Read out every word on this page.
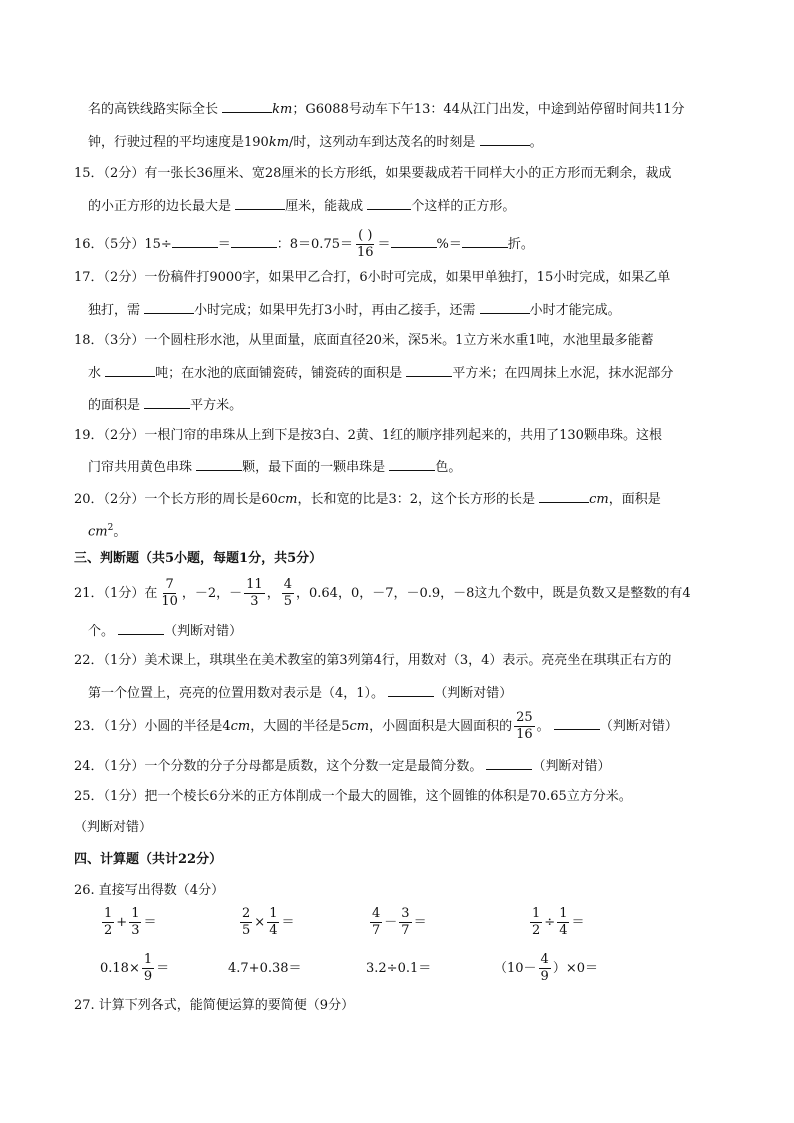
名的高铁线路实际全长	km；G6088号动车下午13：44从江门出发，中途到站停留时间共11分
钟，行驶过程的平均速度是190km/时，这列动车到达茂名的时刻是	。
15．（2分）有一张长36厘米、宽28厘米的长方形纸，如果要裁成若干同样大小的正方形而无剩余，裁成
的小正方形的边长最大是	厘米，能裁成	个这样的正方形。
16．（5分）15÷	＝	：$8=0.75= \frac{( )}{16}$ ＝	%＝	折。
17．（2分）一份稿件打9000字，如果甲乙合打，6小时可完成，如果甲单独打，15小时完成，如果乙单
独打，需	小时完成；如果甲先打3小时，再由乙接手，还需	小时才能完成。
18．（3分）一个圆柱形水池，从里面量，底面直径20米，深5米。1立方米水重1吨，水池里最多能蓄
水	吨；在水池的底面铺瓷砖，铺瓷砖的面积是	平方米；在四周抹上水泥，抹水泥部分
的面积是	平方米。
19．（2分）一根门帘的串珠从上到下是按3白、2黄、1红的顺序排列起来的，共用了130颗串珠。这根
门帘共用黄色串珠	颗，最下面的一颗串珠是	色。
20．（2分）一个长方形的周长是60cm，长和宽的比是3：2，这个长方形的长是	cm，面积是
$cm^2$。
三、判断题（共5小题，每题1分，共5分）
21．（1分）在 $\frac{7}{10}$ ，－2，－ $\frac{11}{3}$ ， $\frac{4}{5}$ ，0.64，0，－7，－0.9，－8这九个数中，既是负数又是整数的有4
个。	（判断对错）
22．（1分）美术课上，琪琪坐在美术教室的第3列第4行，用数对（3，4）表示。亮亮坐在琪琪正右方的
第一个位置上，亮亮的位置用数对表示是（4，1）。	（判断对错）
23．（1分）小圆的半径是4cm，大圆的半径是5cm，小圆面积是大圆面积的 $\frac{25}{16}$ 。	（判断对错）
24．（1分）一个分数的分子分母都是质数，这个分数一定是最简分数。	（判断对错）
25．（1分）把一个棱长6分米的正方体削成一个最大的圆锥，这个圆锥的体积是70.65立方分米。
（判断对错）
四、计算题（共计22分）
26. 直接写出得数（4分）
$\frac{1}{2} + \frac{1}{3}$ ＝	$\frac{2}{5} \times \frac{1}{4}$ ＝	$\frac{4}{7} - \frac{3}{7}$ ＝	$\frac{1}{2} \div \frac{1}{4}$ ＝
$0.18\times \frac{1}{9}$ ＝	4.7+0.38＝	3.2÷0.1＝	$(10- \frac{4}{9} )\times 0=$
27. 计算下列各式，能简便运算的要简便（9分）
